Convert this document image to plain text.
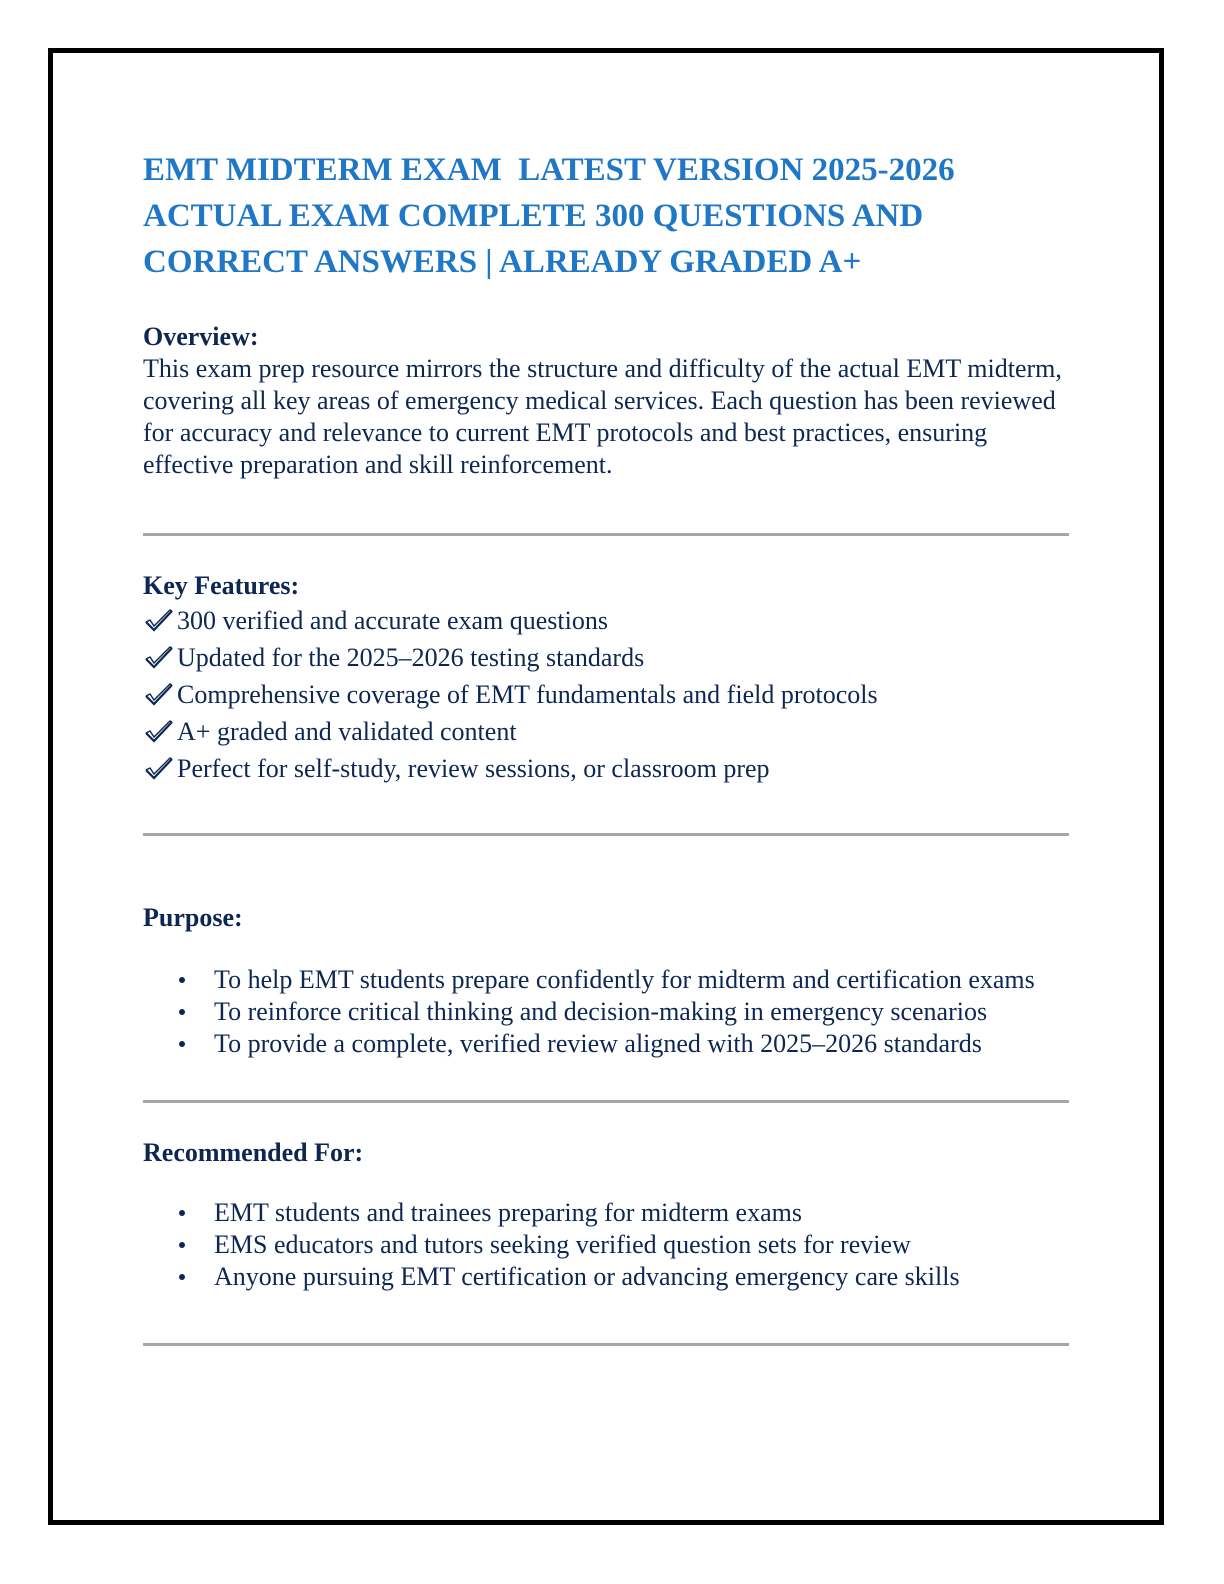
EMT MIDTERM EXAM  LATEST VERSION 2025-2026
ACTUAL EXAM COMPLETE 300 QUESTIONS AND
CORRECT ANSWERS | ALREADY GRADED A+
Overview:

This exam prep resource mirrors the structure and difficulty of the actual EMT midterm, covering all key areas of emergency medical services. Each question has been reviewed for accuracy and relevance to current EMT protocols and best practices, ensuring effective preparation and skill reinforcement.

Key Features:
300 verified and accurate exam questions
Updated for the 2025–2026 testing standards
Comprehensive coverage of EMT fundamentals and field protocols
A+ graded and validated content
Perfect for self-study, review sessions, or classroom prep
Purpose:
To help EMT students prepare confidently for midterm and certification exams
To reinforce critical thinking and decision-making in emergency scenarios
To provide a complete, verified review aligned with 2025–2026 standards
Recommended For:
EMT students and trainees preparing for midterm exams
EMS educators and tutors seeking verified question sets for review
Anyone pursuing EMT certification or advancing emergency care skills
